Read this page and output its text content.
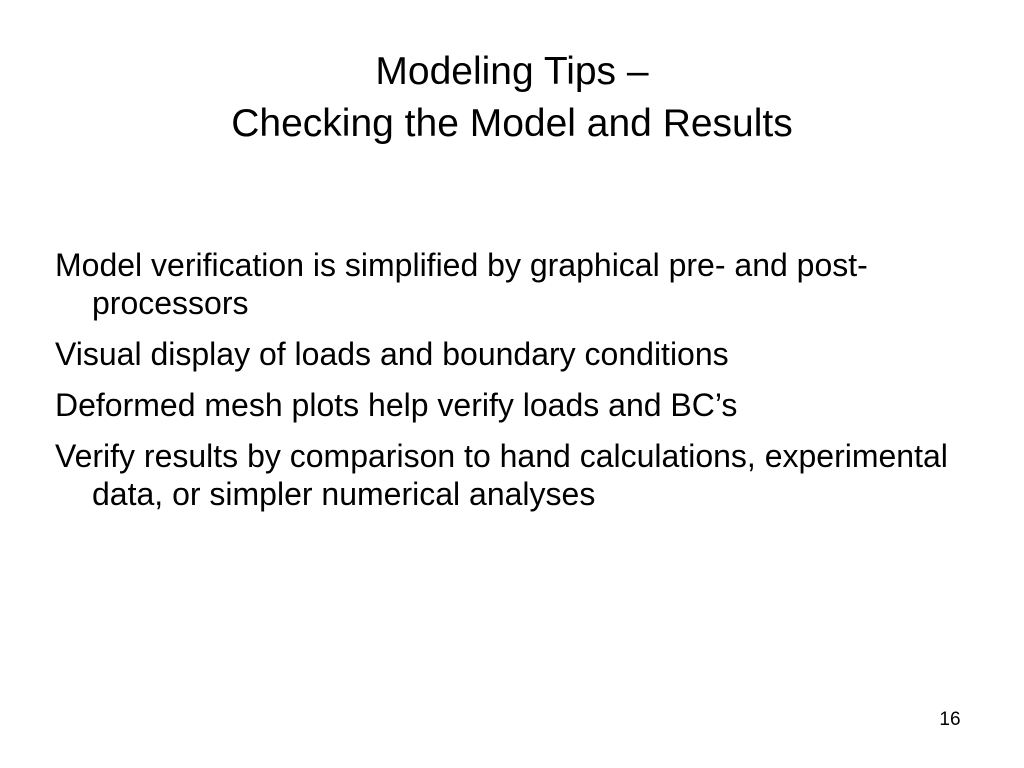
Modeling Tips –
Checking the Model and Results
Model verification is simplified by graphical pre- and post-processors
Visual display of loads and boundary conditions
Deformed mesh plots help verify loads and BC’s
Verify results by comparison to hand calculations, experimental data, or simpler numerical analyses
16
